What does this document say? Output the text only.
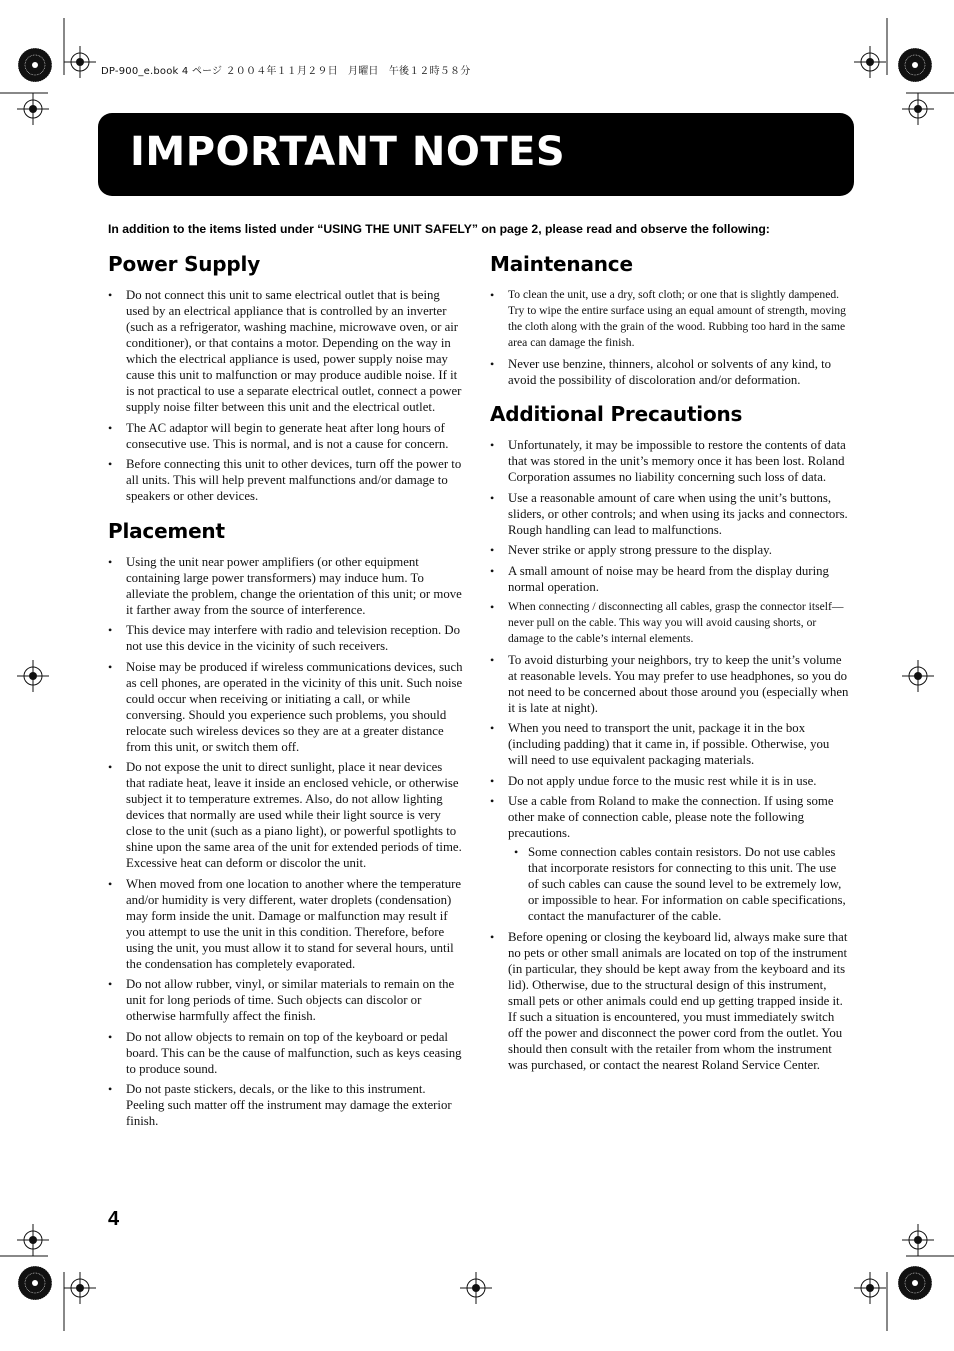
DP-900_e.book 4 ページ ２００４年１１月２９日　月曜日　午後１２時５８分
IMPORTANT NOTES
In addition to the items listed under “USING THE UNIT SAFELY” on page 2, please read and observe the following:
Power Supply
• Do not connect this unit to same electrical outlet that is being used by an electrical appliance that is controlled by an inverter (such as a refrigerator, washing machine, microwave oven, or air conditioner), or that contains a motor. Depending on the way in which the electrical appliance is used, power supply noise may cause this unit to malfunction or may produce audible noise. If it is not practical to use a separate electrical outlet, connect a power supply noise filter between this unit and the electrical outlet.
• The AC adaptor will begin to generate heat after long hours of consecutive use. This is normal, and is not a cause for concern.
• Before connecting this unit to other devices, turn off the power to all units. This will help prevent malfunctions and/or damage to speakers or other devices.
Placement
• Using the unit near power amplifiers (or other equipment containing large power transformers) may induce hum. To alleviate the problem, change the orientation of this unit; or move it farther away from the source of interference.
• This device may interfere with radio and television reception. Do not use this device in the vicinity of such receivers.
• Noise may be produced if wireless communications devices, such as cell phones, are operated in the vicinity of this unit. Such noise could occur when receiving or initiating a call, or while conversing. Should you experience such problems, you should relocate such wireless devices so they are at a greater distance from this unit, or switch them off.
• Do not expose the unit to direct sunlight, place it near devices that radiate heat, leave it inside an enclosed vehicle, or otherwise subject it to temperature extremes. Also, do not allow lighting devices that normally are used while their light source is very close to the unit (such as a piano light), or powerful spotlights to shine upon the same area of the unit for extended periods of time. Excessive heat can deform or discolor the unit.
• When moved from one location to another where the temperature and/or humidity is very different, water droplets (condensation) may form inside the unit. Damage or malfunction may result if you attempt to use the unit in this condition. Therefore, before using the unit, you must allow it to stand for several hours, until the condensation has completely evaporated.
• Do not allow rubber, vinyl, or similar materials to remain on the unit for long periods of time. Such objects can discolor or otherwise harmfully affect the finish.
• Do not allow objects to remain on top of the keyboard or pedal board. This can be the cause of malfunction, such as keys ceasing to produce sound.
• Do not paste stickers, decals, or the like to this instrument. Peeling such matter off the instrument may damage the exterior finish.
Maintenance
• To clean the unit, use a dry, soft cloth; or one that is slightly dampened. Try to wipe the entire surface using an equal amount of strength, moving the cloth along with the grain of the wood. Rubbing too hard in the same area can damage the finish.
• Never use benzine, thinners, alcohol or solvents of any kind, to avoid the possibility of discoloration and/or deformation.
Additional Precautions
• Unfortunately, it may be impossible to restore the contents of data that was stored in the unit’s memory once it has been lost. Roland Corporation assumes no liability concerning such loss of data.
• Use a reasonable amount of care when using the unit’s buttons, sliders, or other controls; and when using its jacks and connectors. Rough handling can lead to malfunctions.
• Never strike or apply strong pressure to the display.
• A small amount of noise may be heard from the display during normal operation.
• When connecting / disconnecting all cables, grasp the connector itself—never pull on the cable. This way you will avoid causing shorts, or damage to the cable’s internal elements.
• To avoid disturbing your neighbors, try to keep the unit’s volume at reasonable levels. You may prefer to use headphones, so you do not need to be concerned about those around you (especially when it is late at night).
• When you need to transport the unit, package it in the box (including padding) that it came in, if possible. Otherwise, you will need to use equivalent packaging materials.
• Do not apply undue force to the music rest while it is in use.
• Use a cable from Roland to make the connection. If using some other make of connection cable, please note the following precautions.
• Some connection cables contain resistors. Do not use cables that incorporate resistors for connecting to this unit. The use of such cables can cause the sound level to be extremely low, or impossible to hear. For information on cable specifications, contact the manufacturer of the cable.
• Before opening or closing the keyboard lid, always make sure that no pets or other small animals are located on top of the instrument (in particular, they should be kept away from the keyboard and its lid). Otherwise, due to the structural design of this instrument, small pets or other animals could end up getting trapped inside it. If such a situation is encountered, you must immediately switch off the power and disconnect the power cord from the outlet. You should then consult with the retailer from whom the instrument was purchased, or contact the nearest Roland Service Center.
4
